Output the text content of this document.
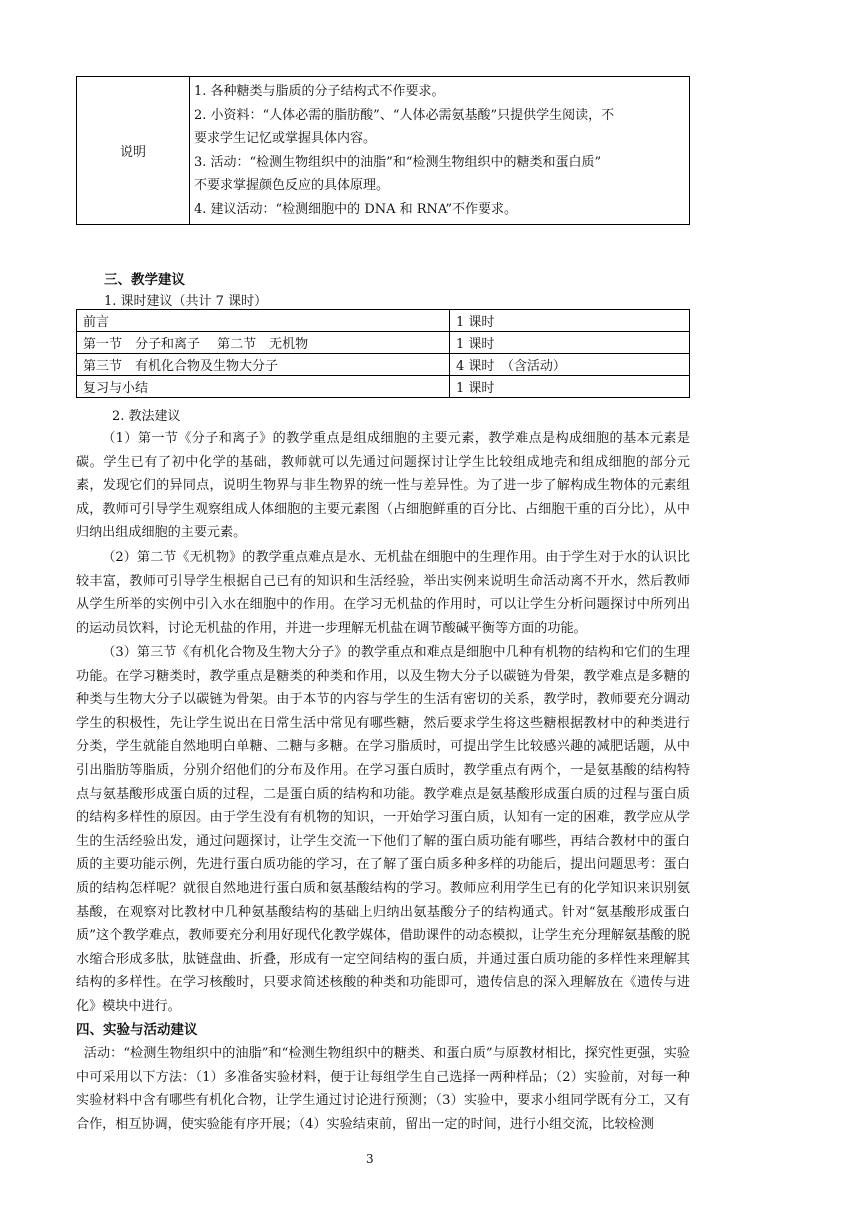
说明	
1. 各种糖类与脂质的分子结构式不作要求。
2. 小资料：“人体必需的脂肪酸”、“人体必需氨基酸”只提供学生阅读，不
要求学生记忆或掌握具体内容。
3. 活动：“检测生物组织中的油脂”和“检测生物组织中的糖类和蛋白质”
不要求掌握颜色反应的具体原理。
4. 建议活动：“检测细胞中的 DNA 和 RNA”不作要求。
三、教学建议
1. 课时建议（共计 7 课时）
前言	1 课时
第一节　分子和离子　 第二节　无机物	1 课时
第三节　有机化合物及生物大分子	4 课时　（含活动）
复习与小结	1 课时
2. 教法建议

（1）第一节《分子和离子》的教学重点是组成细胞的主要元素，教学难点是构成细胞的基本元素是碳。学生已有了初中化学的基础，教师就可以先通过问题探讨让学生比较组成地壳和组成细胞的部分元素，发现它们的异同点，说明生物界与非生物界的统一性与差异性。为了进一步了解构成生物体的元素组成，教师可引导学生观察组成人体细胞的主要元素图（占细胞鲜重的百分比、占细胞干重的百分比），从中归纳出组成细胞的主要元素。

（2）第二节《无机物》的教学重点难点是水、无机盐在细胞中的生理作用。由于学生对于水的认识比较丰富，教师可引导学生根据自己已有的知识和生活经验，举出实例来说明生命活动离不开水，然后教师从学生所举的实例中引入水在细胞中的作用。在学习无机盐的作用时，可以让学生分析问题探讨中所列出的运动员饮料，讨论无机盐的作用，并进一步理解无机盐在调节酸碱平衡等方面的功能。

（3）第三节《有机化合物及生物大分子》的教学重点和难点是细胞中几种有机物的结构和它们的生理功能。在学习糖类时，教学重点是糖类的种类和作用，以及生物大分子以碳链为骨架，教学难点是多糖的种类与生物大分子以碳链为骨架。由于本节的内容与学生的生活有密切的关系，教学时，教师要充分调动学生的积极性，先让学生说出在日常生活中常见有哪些糖，然后要求学生将这些糖根据教材中的种类进行分类，学生就能自然地明白单糖、二糖与多糖。在学习脂质时，可提出学生比较感兴趣的减肥话题，从中引出脂肪等脂质，分别介绍他们的分布及作用。在学习蛋白质时，教学重点有两个，一是氨基酸的结构特点与氨基酸形成蛋白质的过程，二是蛋白质的结构和功能。教学难点是氨基酸形成蛋白质的过程与蛋白质的结构多样性的原因。由于学生没有有机物的知识，一开始学习蛋白质，认知有一定的困难，教学应从学生的生活经验出发，通过问题探讨，让学生交流一下他们了解的蛋白质功能有哪些，再结合教材中的蛋白质的主要功能示例，先进行蛋白质功能的学习，在了解了蛋白质多种多样的功能后，提出问题思考：蛋白质的结构怎样呢？就很自然地进行蛋白质和氨基酸结构的学习。教师应利用学生已有的化学知识来识别氨基酸，在观察对比教材中几种氨基酸结构的基础上归纳出氨基酸分子的结构通式。针对“氨基酸形成蛋白质”这个教学难点，教师要充分利用好现代化教学媒体，借助课件的动态模拟，让学生充分理解氨基酸的脱水缩合形成多肽，肽链盘曲、折叠，形成有一定空间结构的蛋白质，并通过蛋白质功能的多样性来理解其结构的多样性。在学习核酸时，只要求简述核酸的种类和功能即可，遗传信息的深入理解放在《遗传与进化》模块中进行。

四、实验与活动建议

活动：“检测生物组织中的油脂”和“检测生物组织中的糖类、和蛋白质”与原教材相比，探究性更强，实验中可采用以下方法：（1）多准备实验材料，便于让每组学生自己选择一两种样品；（2）实验前，对每一种实验材料中含有哪些有机化合物，让学生通过讨论进行预测；（3）实验中，要求小组同学既有分工，又有合作，相互协调，使实验能有序开展；（4）实验结束前，留出一定的时间，进行小组交流，比较检测

3
